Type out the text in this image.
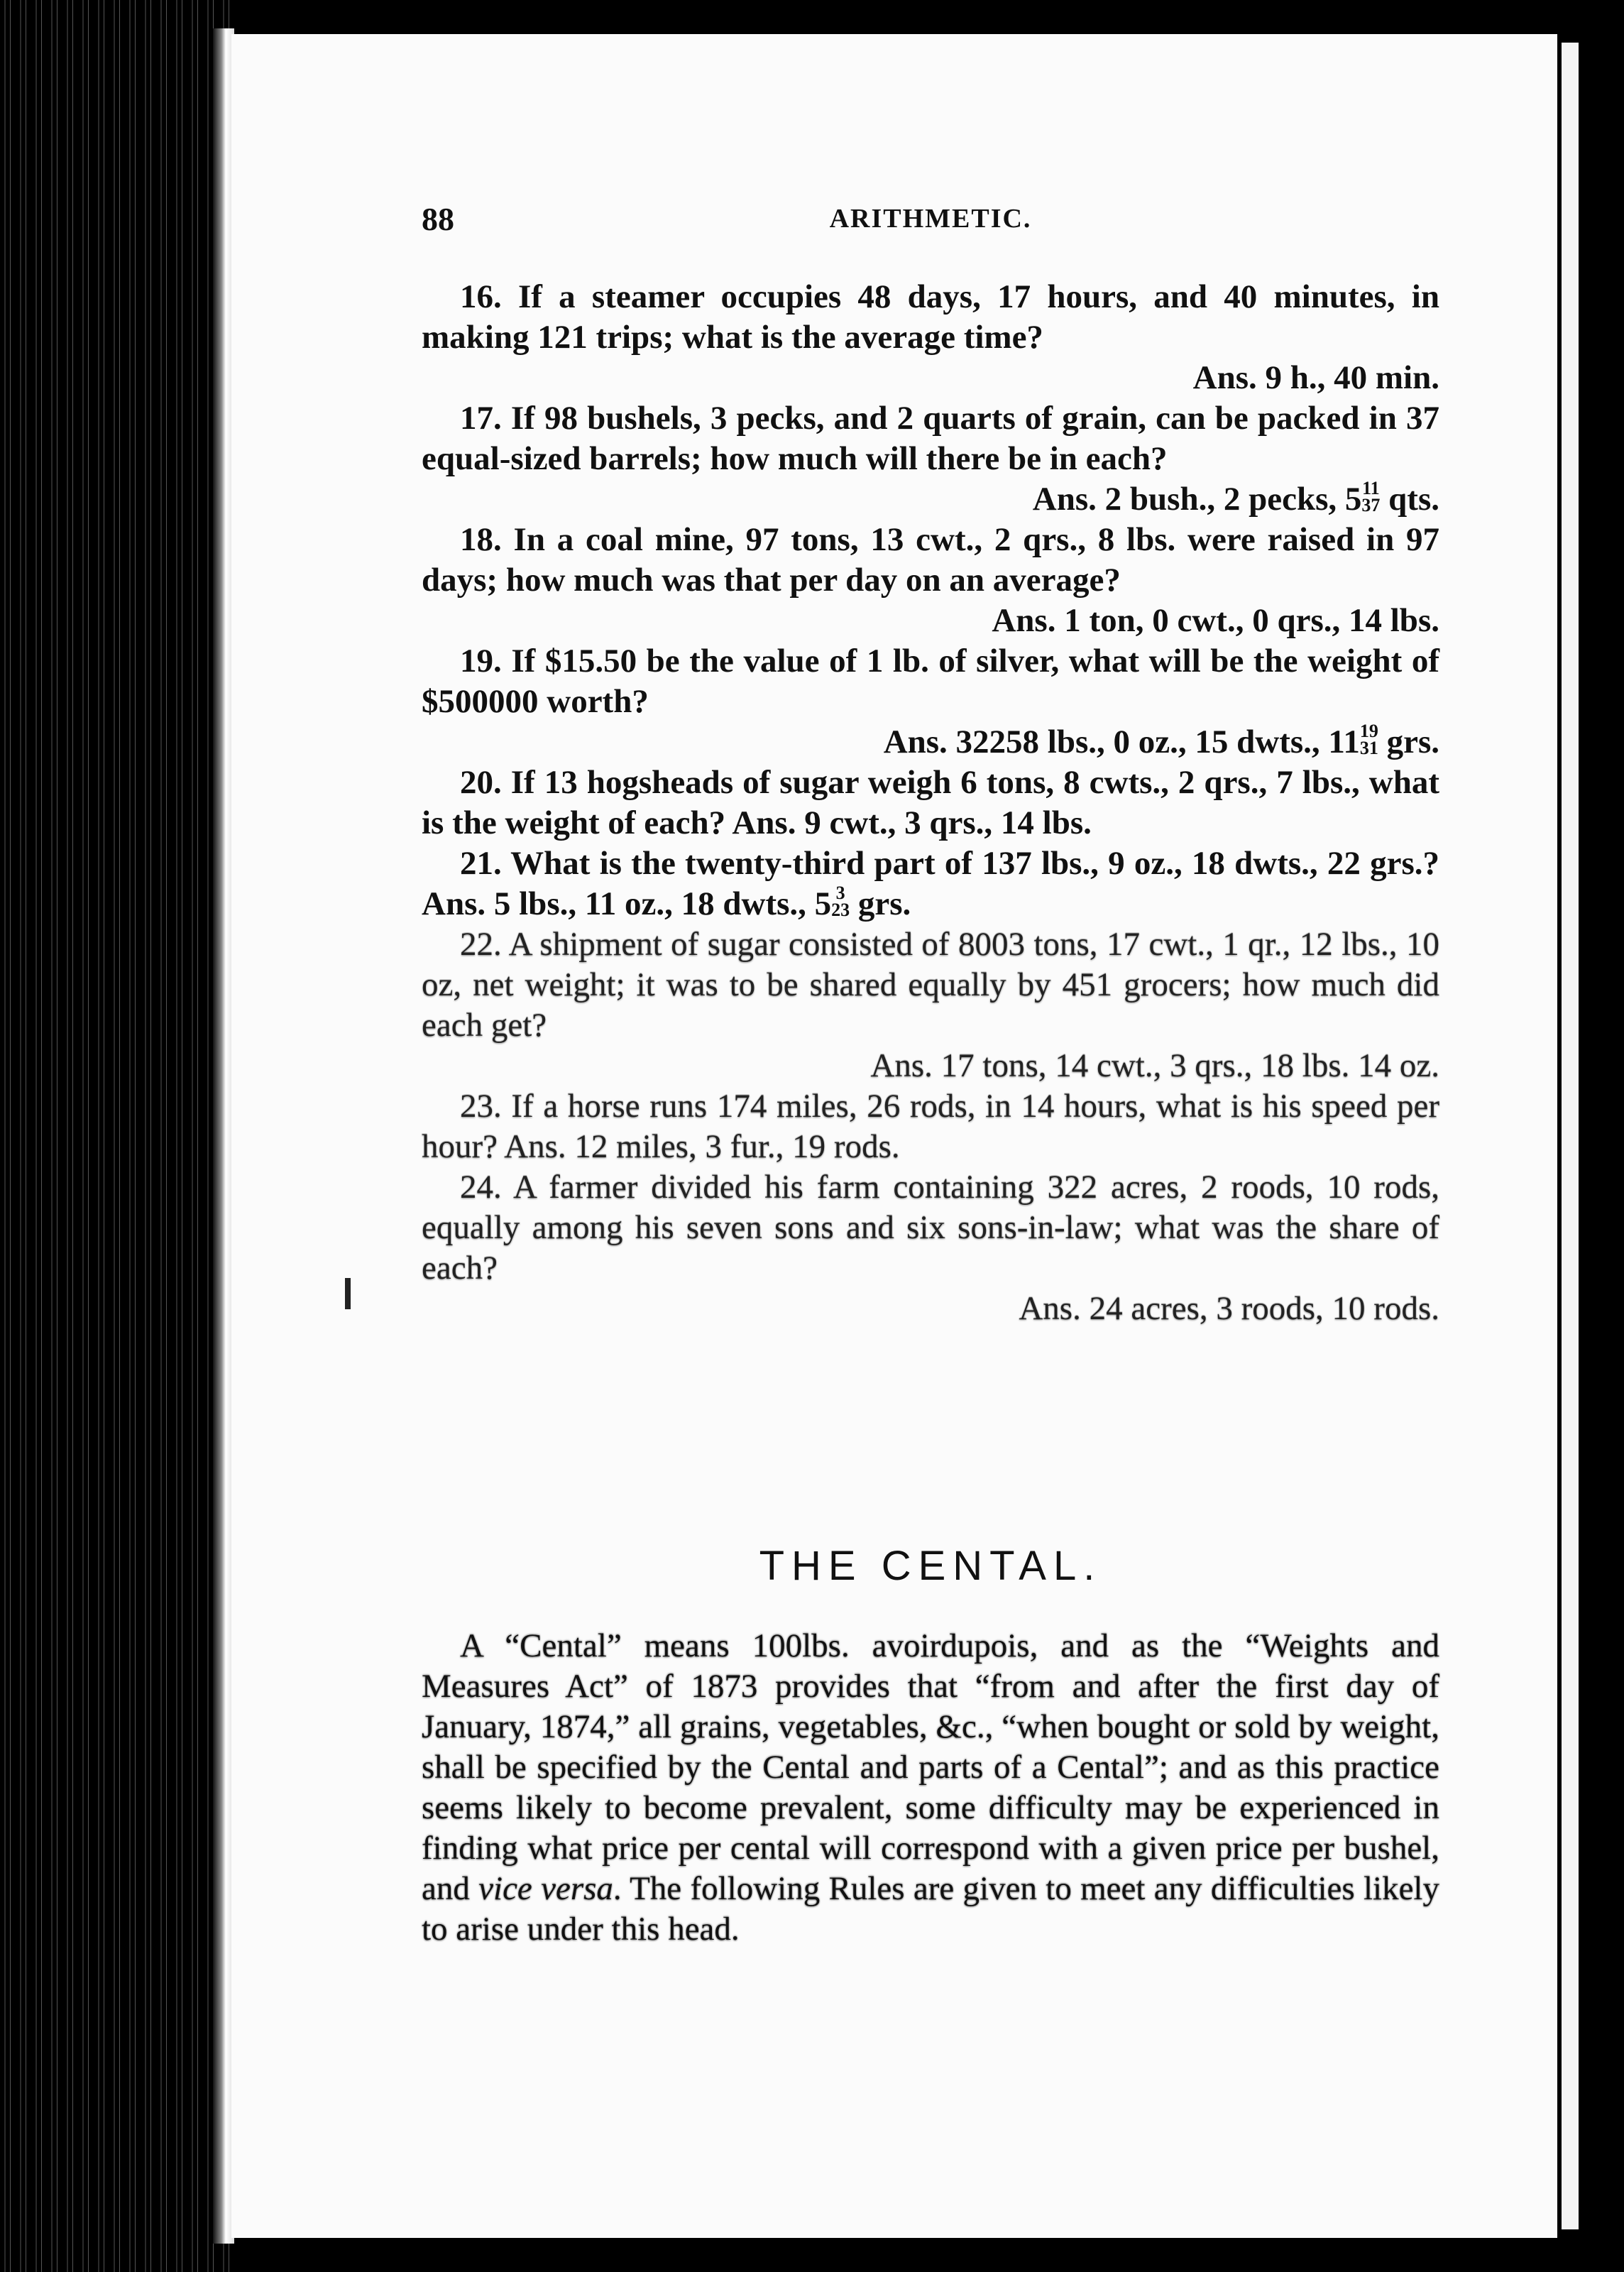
88	ARITHMETIC.

16. If a steamer occupies 48 days, 17 hours, and 40 minutes, in making 121 trips; what is the average time?

Ans. 9 h., 40 min.

17. If 98 bushels, 3 pecks, and 2 quarts of grain, can be packed in 37 equal-sized barrels; how much will there be in each?

Ans. 2 bush., 2 pecks, 5 11
37 qts.

18. In a coal mine, 97 tons, 13 cwt., 2 qrs., 8 lbs. were raised in 97 days; how much was that per day on an average?

Ans. 1 ton, 0 cwt., 0 qrs., 14 lbs.

19. If $15.50 be the value of 1 lb. of silver, what will be the weight of $500000 worth?

Ans. 32258 lbs., 0 oz., 15 dwts., 11 19
31 grs.

20. If 13 hogsheads of sugar weigh 6 tons, 8 cwts., 2 qrs., 7 lbs., what is the weight of each? Ans. 9 cwt., 3 qrs., 14 lbs.

21. What is the twenty-third part of 137 lbs., 9 oz., 18 dwts., 22 grs.? Ans. 5 lbs., 11 oz., 18 dwts., 5 3
23 grs.

22. A shipment of sugar consisted of 8003 tons, 17 cwt., 1 qr., 12 lbs., 10 oz, net weight; it was to be shared equally by 451 grocers; how much did each get?

Ans. 17 tons, 14 cwt., 3 qrs., 18 lbs. 14 oz.

23. If a horse runs 174 miles, 26 rods, in 14 hours, what is his speed per hour? Ans. 12 miles, 3 fur., 19 rods.

24. A farmer divided his farm containing 322 acres, 2 roods, 10 rods, equally among his seven sons and six sons-in-law; what was the share of each?

Ans. 24 acres, 3 roods, 10 rods.

THE CENTAL.

A “Cental” means 100lbs. avoirdupois, and as the “Weights and Measures Act” of 1873 provides that “from and after the first day of January, 1874,” all grains, vegetables, &c., “when bought or sold by weight, shall be specified by the Cental and parts of a Cental”; and as this practice seems likely to become prevalent, some difficulty may be experienced in finding what price per cental will correspond with a given price per bushel, and vice versa. The following Rules are given to meet any difficulties likely to arise under this head.
